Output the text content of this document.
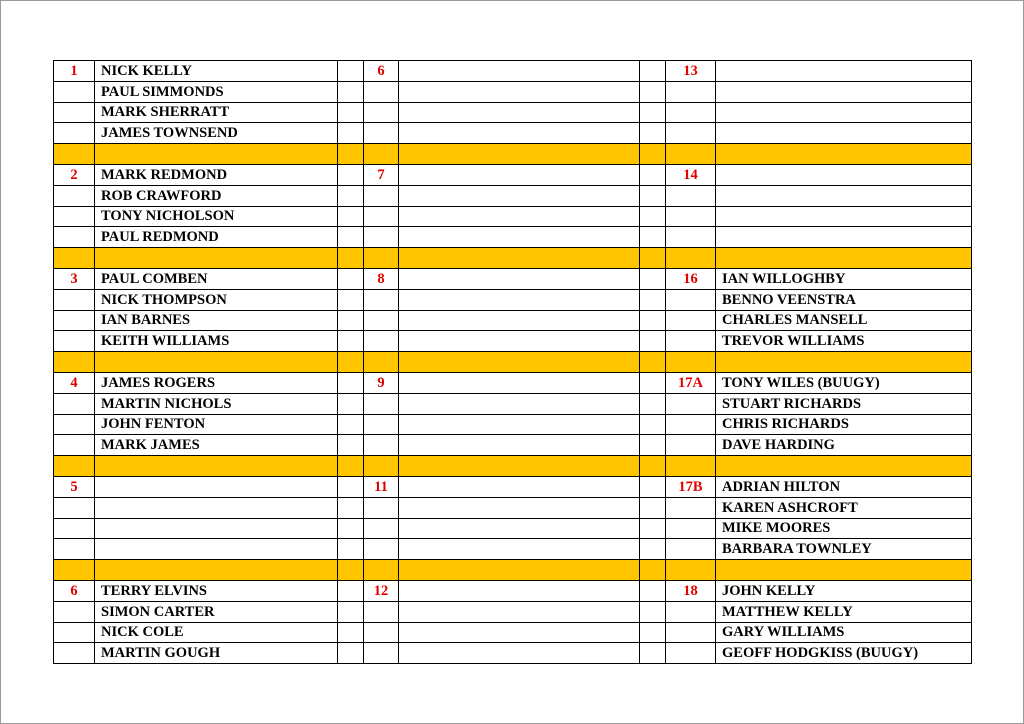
1	NICK KELLY		6			13	
	PAUL SIMMONDS						
	MARK SHERRATT						
	JAMES TOWNSEND						

2	MARK REDMOND		7			14	
	ROB CRAWFORD						
	TONY NICHOLSON						
	PAUL REDMOND						

3	PAUL COMBEN		8			16	IAN WILLOGHBY
	NICK THOMPSON						BENNO VEENSTRA
	IAN BARNES						CHARLES MANSELL
	KEITH WILLIAMS						TREVOR WILLIAMS

4	JAMES ROGERS		9			17A	TONY WILES (BUUGY)
	MARTIN NICHOLS						STUART RICHARDS
	JOHN FENTON						CHRIS RICHARDS
	MARK JAMES						DAVE HARDING

5			11			17B	ADRIAN HILTON
							KAREN ASHCROFT
							MIKE MOORES
							BARBARA TOWNLEY

6	TERRY ELVINS		12			18	JOHN KELLY
	SIMON CARTER						MATTHEW KELLY
	NICK COLE						GARY WILLIAMS
	MARTIN GOUGH						GEOFF HODGKISS (BUUGY)
